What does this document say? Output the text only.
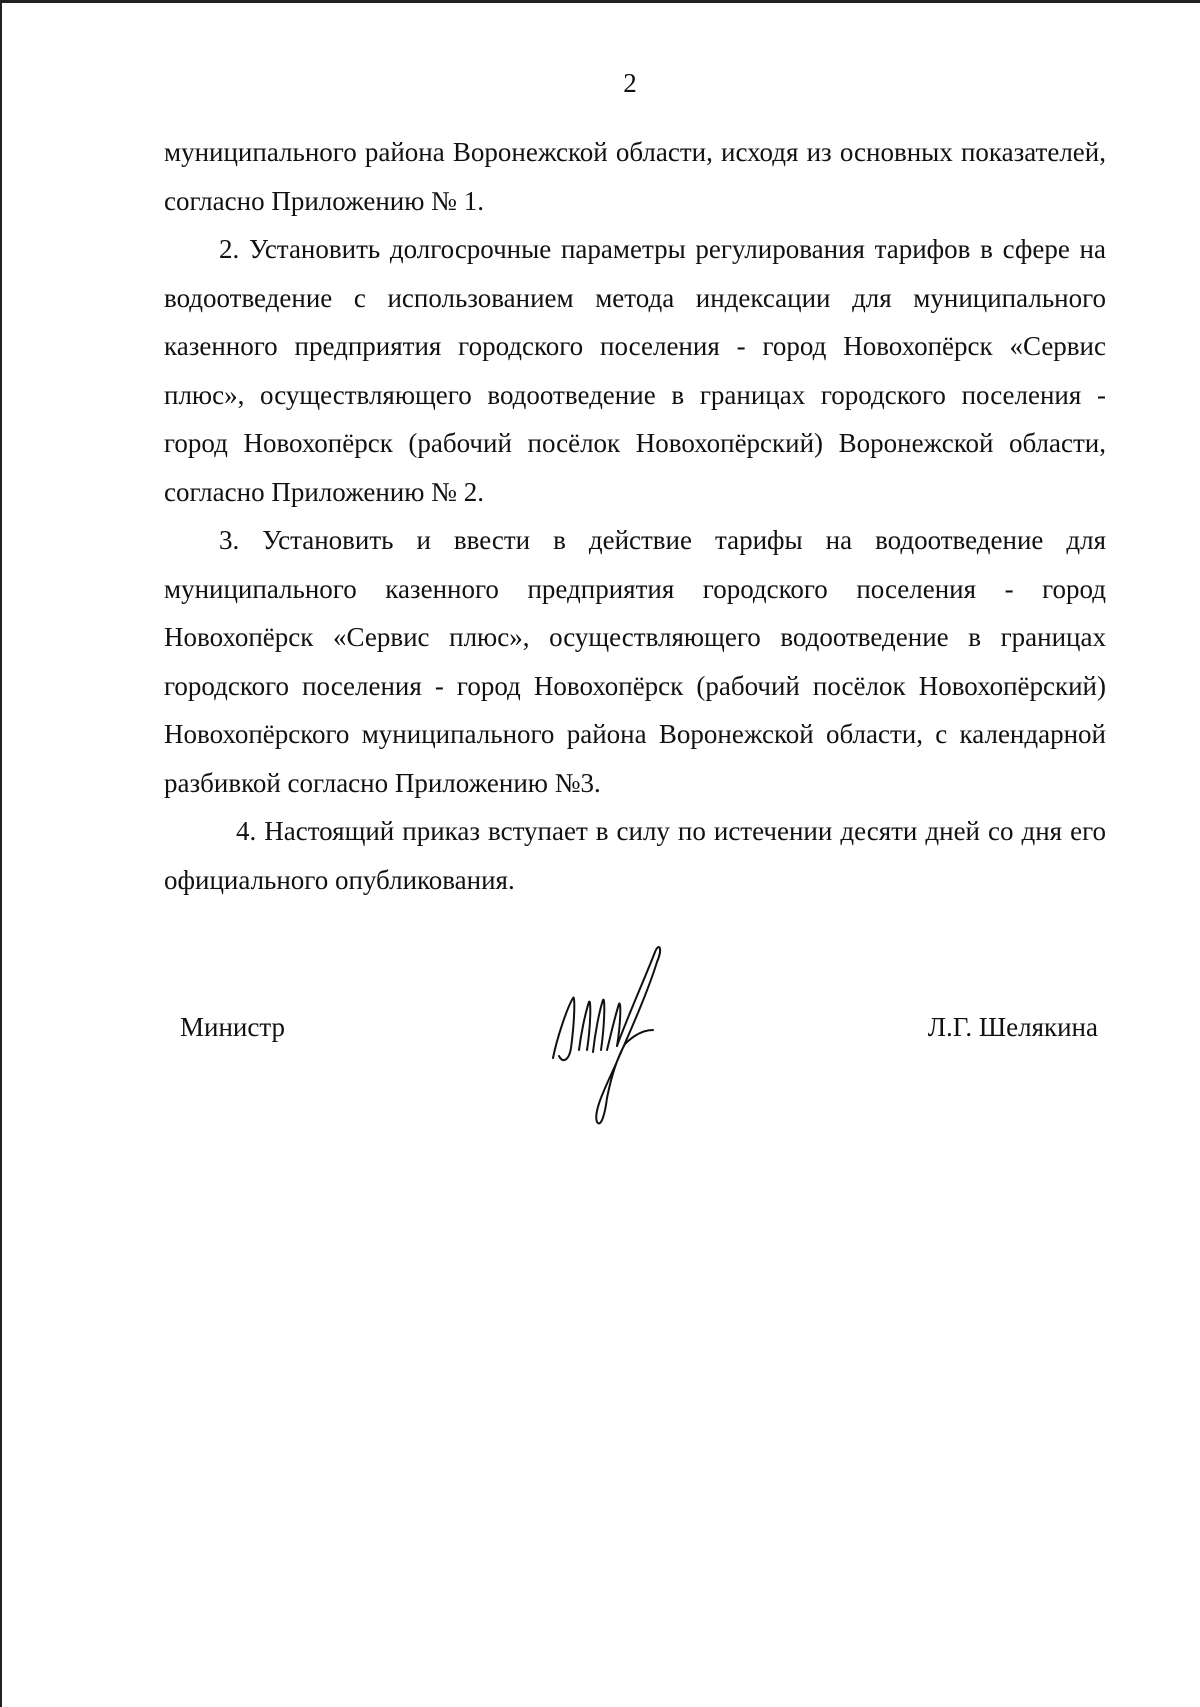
2

муниципального района Воронежской области, исходя из основных показателей, согласно Приложению № 1.

2. Установить долгосрочные параметры регулирования тарифов в сфере на водоотведение с использованием метода индексации для муниципального казенного предприятия городского поселения - город Новохопёрск «Сервис плюс», осуществляющего водоотведение в границах городского поселения - город Новохопёрск (рабочий посёлок Новохопёрский) Воронежской области, согласно Приложению № 2.

3. Установить и ввести в действие тарифы на водоотведение для муниципального казенного предприятия городского поселения - город Новохопёрск «Сервис плюс», осуществляющего водоотведение в границах городского поселения - город Новохопёрск (рабочий посёлок Новохопёрский) Новохопёрского муниципального района Воронежской области, с календарной разбивкой согласно Приложению №3.

4. Настоящий приказ вступает в силу по истечении десяти дней со дня его официального опубликования.

Министр	Л.Г. Шелякина
